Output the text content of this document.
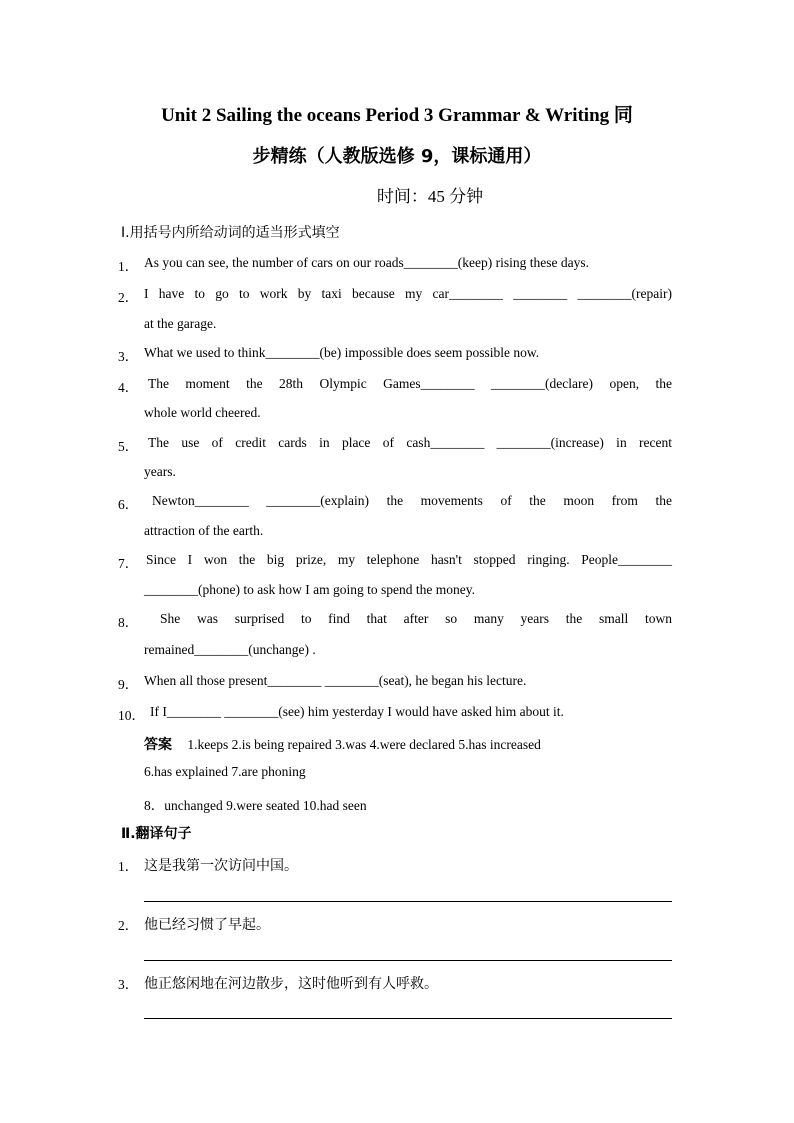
Unit 2 Sailing the oceans Period 3 Grammar & Writing 同
步精练（人教版选修 9，课标通用）
时间：45 分钟
Ⅰ.用括号内所给动词的适当形式填空
1． As you can see, the number of cars on our roads________(keep) rising these days.
2． I have to go to work by taxi because my car________ ________ ________(repair)
at the garage.
3． What we used to think________(be) impossible does seem possible now.
4． The moment the 28th Olympic Games________ ________(declare) open, the
whole world cheered.
5． The use of credit cards in place of cash________ ________(increase) in recent
years.
6． Newton________ ________(explain) the movements of the moon from the
attraction of the earth.
7． Since I won the big prize, my telephone hasn't stopped ringing. People________
________(phone) to ask how I am going to spend the money.
8． She was surprised to find that after so many years the small town
remained________(unchange) .
9． When all those present________ ________(seat), he began his lecture.
10． If I________ ________(see) him yesterday I would have asked him about it.
答案 1.keeps 2.is being repaired 3.was 4.were declared 5.has increased
6.has explained 7.are phoning
8．unchanged 9.were seated 10.had seen
Ⅱ.翻译句子
1． 这是我第一次访问中国。
2． 他已经习惯了早起。
3． 他正悠闲地在河边散步，这时他听到有人呼救。
